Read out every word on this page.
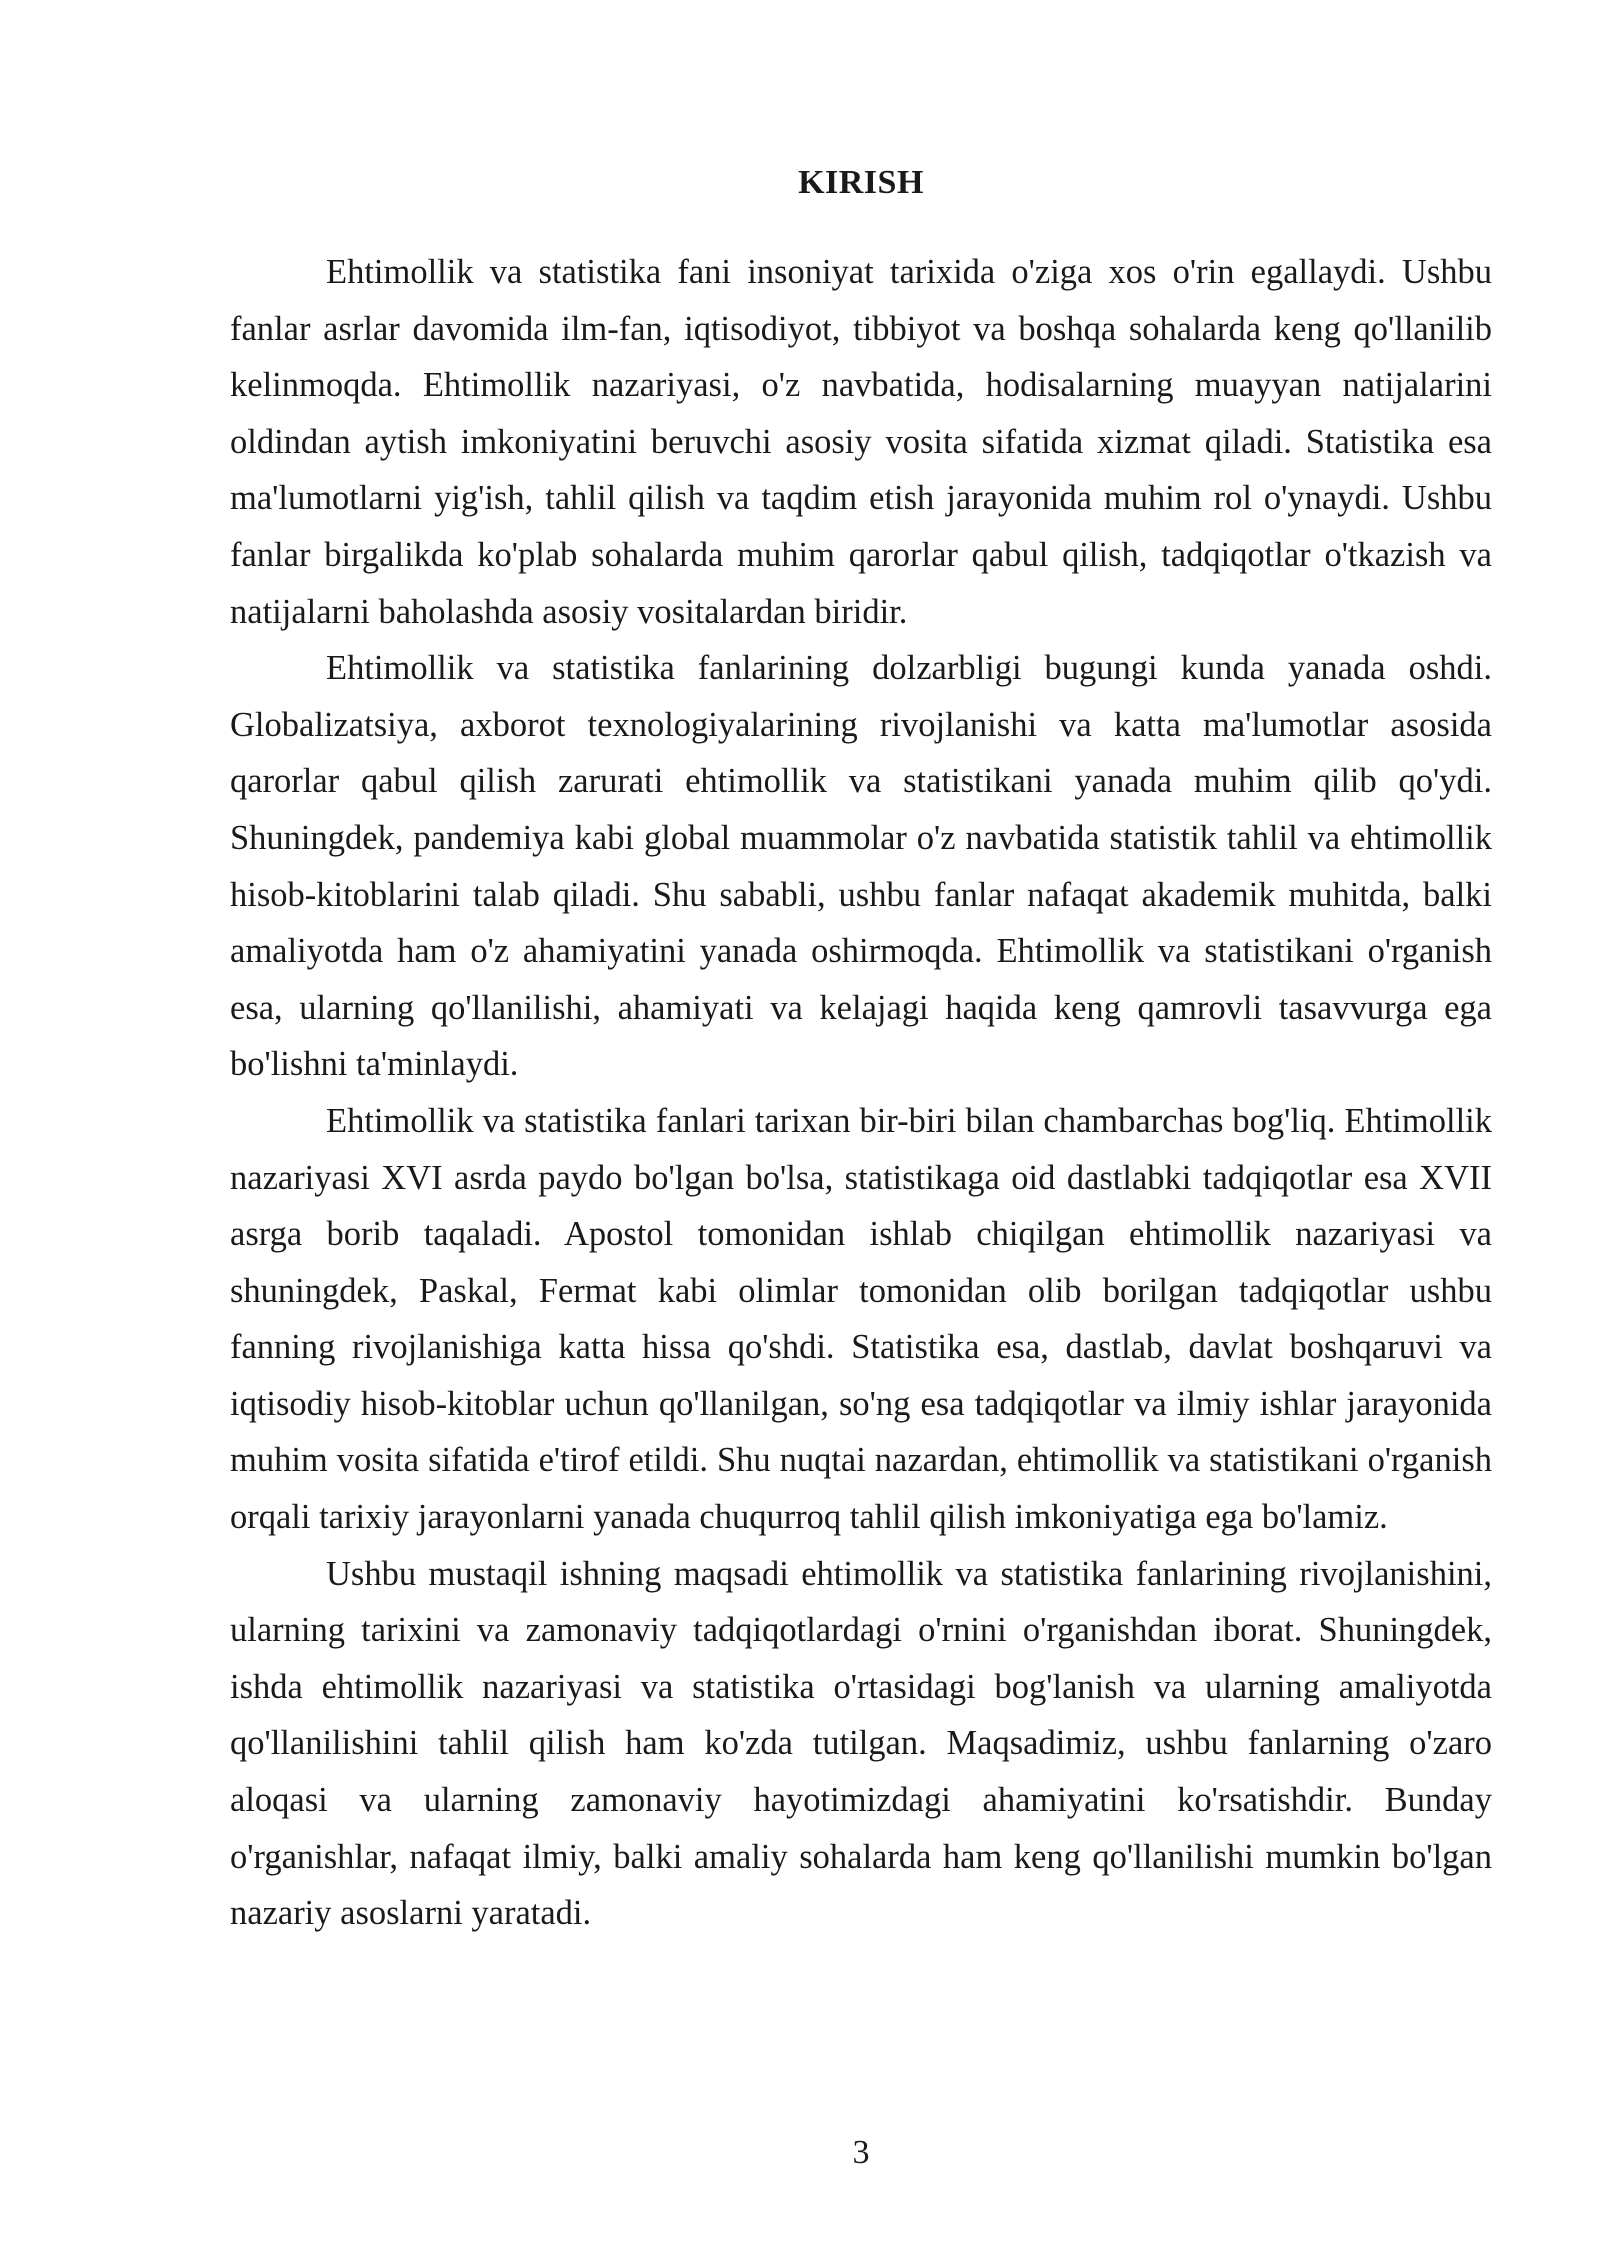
KIRISH

Ehtimollik va statistika fani insoniyat tarixida o'ziga xos o'rin egallaydi. Ushbu fanlar asrlar davomida ilm-fan, iqtisodiyot, tibbiyot va boshqa sohalarda keng qo'llanilib kelinmoqda. Ehtimollik nazariyasi, o'z navbatida, hodisalarning muayyan natijalarini oldindan aytish imkoniyatini beruvchi asosiy vosita sifatida xizmat qiladi. Statistika esa ma'lumotlarni yig'ish, tahlil qilish va taqdim etish jarayonida muhim rol o'ynaydi. Ushbu fanlar birgalikda ko'plab sohalarda muhim qarorlar qabul qilish, tadqiqotlar o'tkazish va natijalarni baholashda asosiy vositalardan biridir.

Ehtimollik va statistika fanlarining dolzarbligi bugungi kunda yanada oshdi. Globalizatsiya, axborot texnologiyalarining rivojlanishi va katta ma'lumotlar asosida qarorlar qabul qilish zarurati ehtimollik va statistikani yanada muhim qilib qo'ydi. Shuningdek, pandemiya kabi global muammolar o'z navbatida statistik tahlil va ehtimollik hisob-kitoblarini talab qiladi. Shu sababli, ushbu fanlar nafaqat akademik muhitda, balki amaliyotda ham o'z ahamiyatini yanada oshirmoqda. Ehtimollik va statistikani o'rganish esa, ularning qo'llanilishi, ahamiyati va kelajagi haqida keng qamrovli tasavvurga ega bo'lishni ta'minlaydi.

Ehtimollik va statistika fanlari tarixan bir-biri bilan chambarchas bog'liq. Ehtimollik nazariyasi XVI asrda paydo bo'lgan bo'lsa, statistikaga oid dastlabki tadqiqotlar esa XVII asrga borib taqaladi. Apostol tomonidan ishlab chiqilgan ehtimollik nazariyasi va shuningdek, Paskal, Fermat kabi olimlar tomonidan olib borilgan tadqiqotlar ushbu fanning rivojlanishiga katta hissa qo'shdi. Statistika esa, dastlab, davlat boshqaruvi va iqtisodiy hisob-kitoblar uchun qo'llanilgan, so'ng esa tadqiqotlar va ilmiy ishlar jarayonida muhim vosita sifatida e'tirof etildi. Shu nuqtai nazardan, ehtimollik va statistikani o'rganish orqali tarixiy jarayonlarni yanada chuqurroq tahlil qilish imkoniyatiga ega bo'lamiz.

Ushbu mustaqil ishning maqsadi ehtimollik va statistika fanlarining rivojlanishini, ularning tarixini va zamonaviy tadqiqotlardagi o'rnini o'rganishdan iborat. Shuningdek, ishda ehtimollik nazariyasi va statistika o'rtasidagi bog'lanish va ularning amaliyotda qo'llanilishini tahlil qilish ham ko'zda tutilgan. Maqsadimiz, ushbu fanlarning o'zaro aloqasi va ularning zamonaviy hayotimizdagi ahamiyatini ko'rsatishdir. Bunday o'rganishlar, nafaqat ilmiy, balki amaliy sohalarda ham keng qo'llanilishi mumkin bo'lgan nazariy asoslarni yaratadi.

3
